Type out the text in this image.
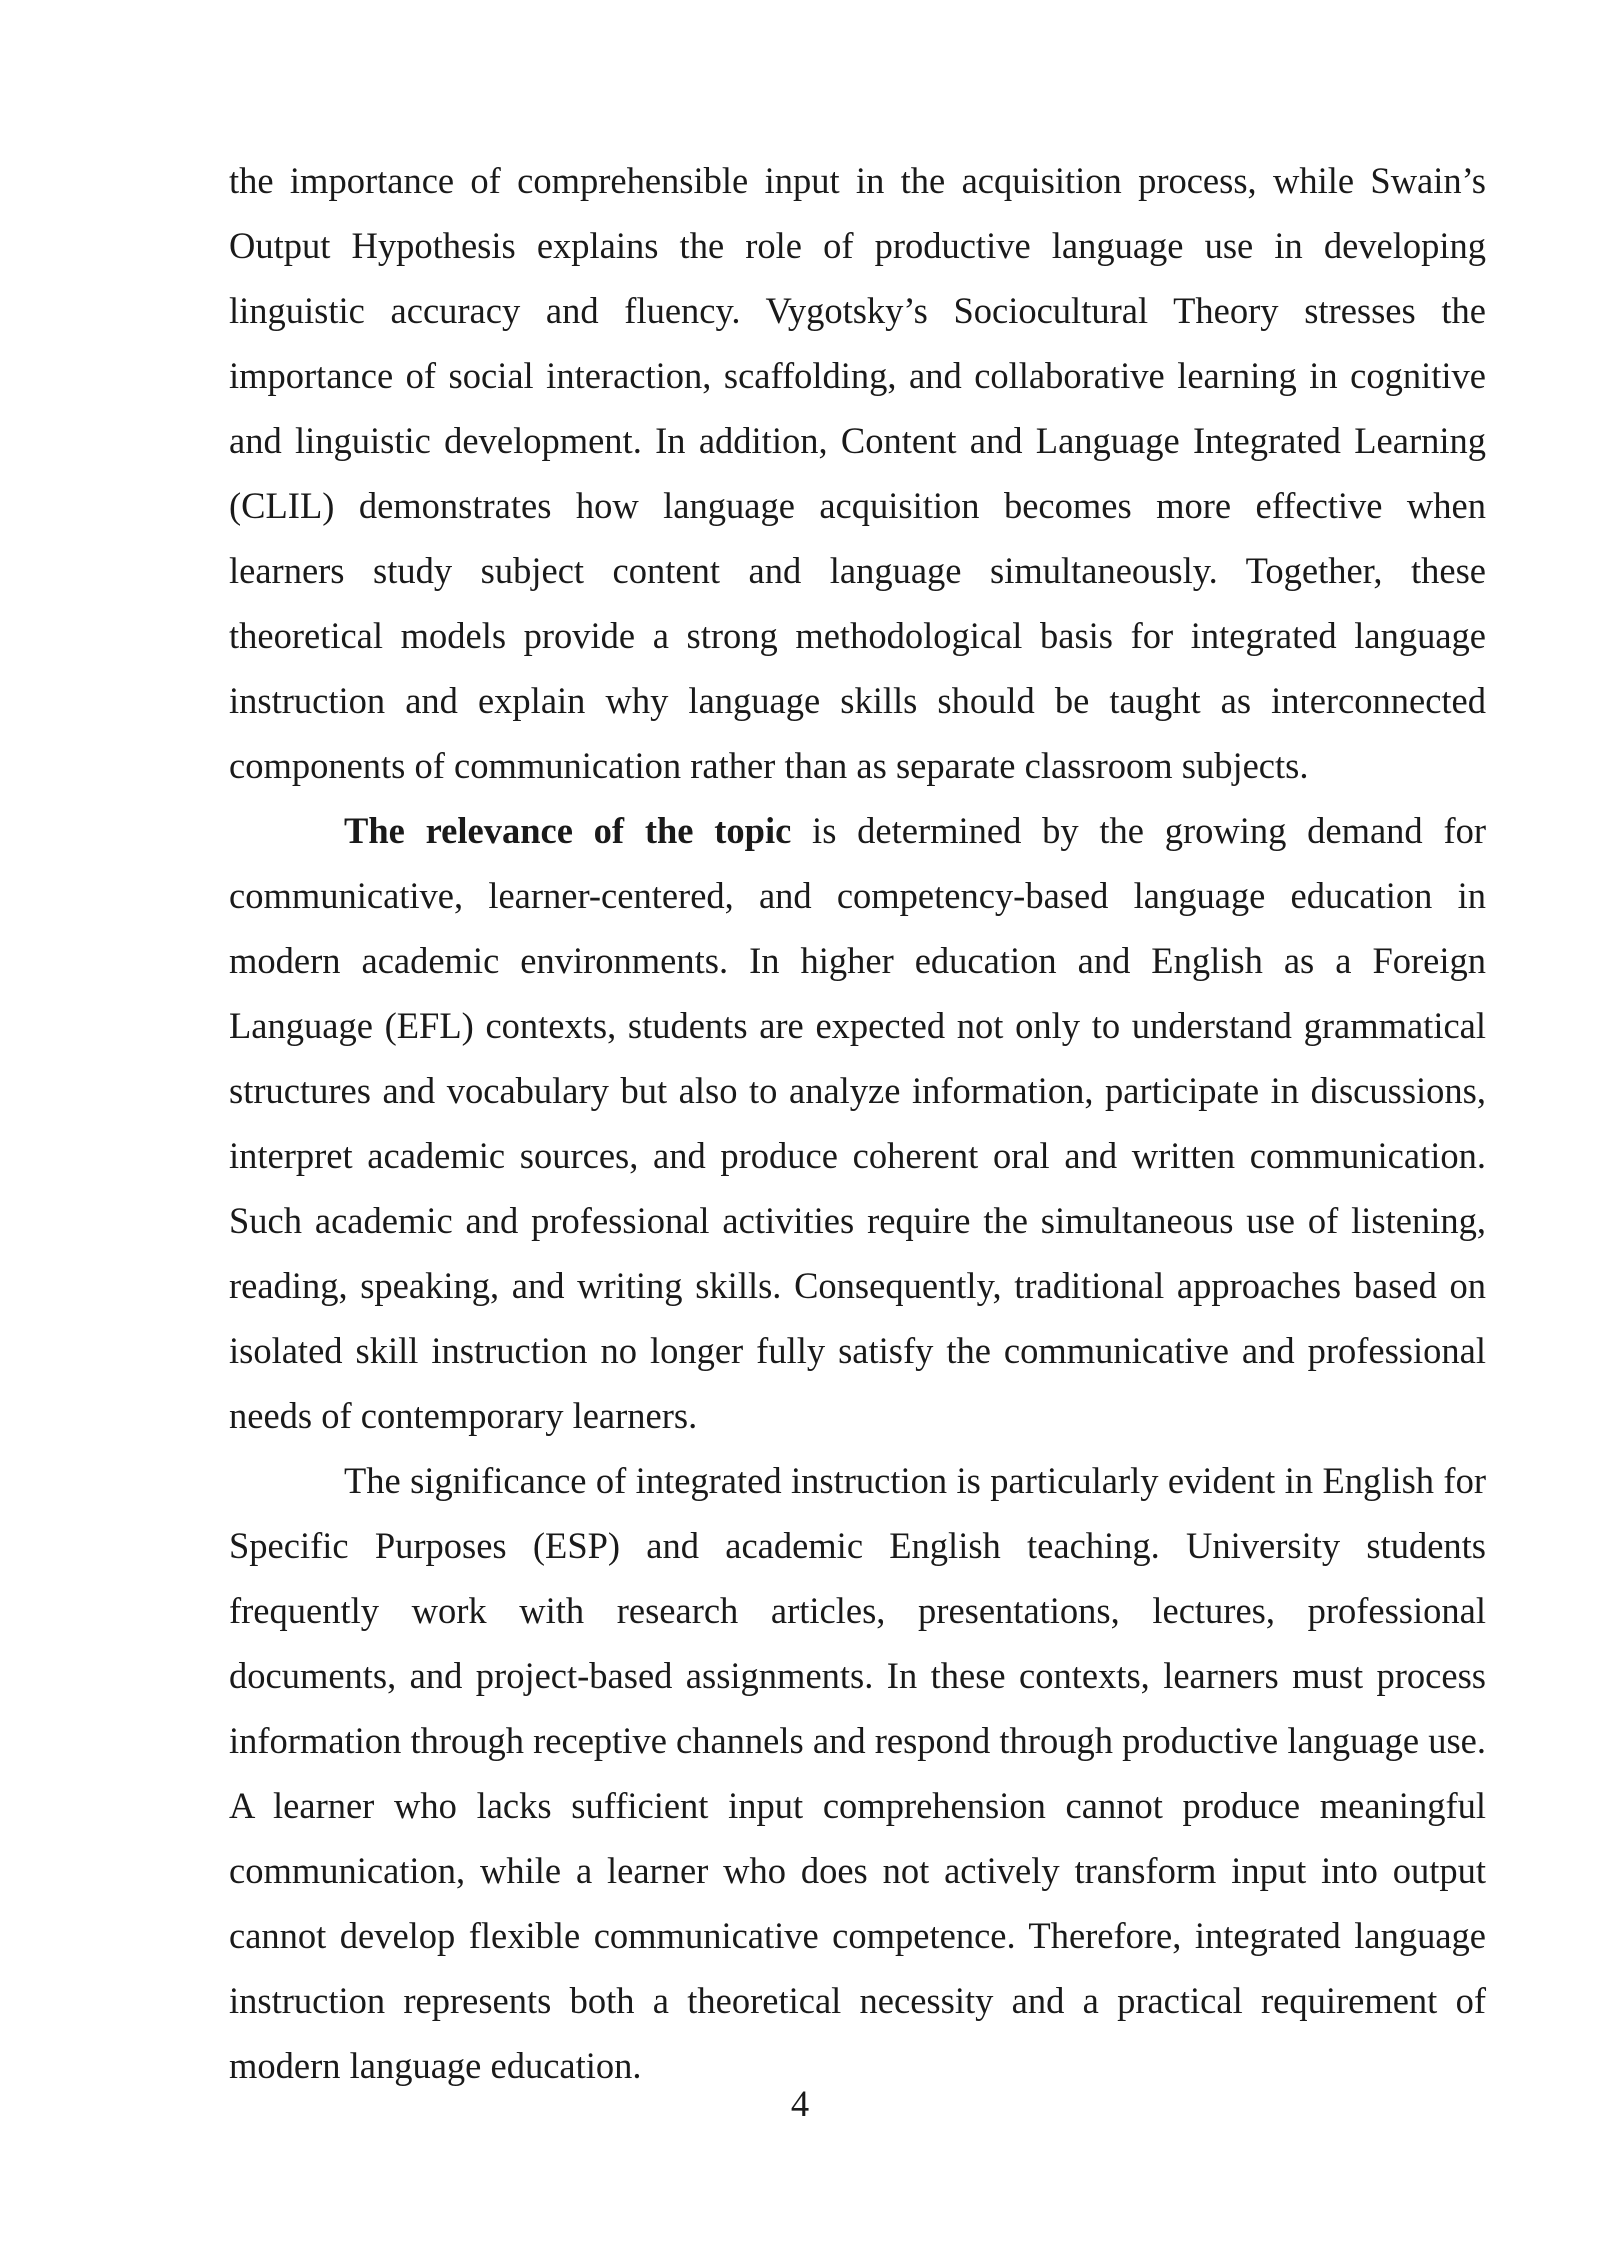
the importance of comprehensible input in the acquisition process, while Swain’s Output Hypothesis explains the role of productive language use in developing linguistic accuracy and fluency. Vygotsky’s Sociocultural Theory stresses the importance of social interaction, scaffolding, and collaborative learning in cognitive and linguistic development. In addition, Content and Language Integrated Learning (CLIL) demonstrates how language acquisition becomes more effective when learners study subject content and language simultaneously. Together, these theoretical models provide a strong methodological basis for integrated language instruction and explain why language skills should be taught as interconnected components of communication rather than as separate classroom subjects.

The relevance of the topic is determined by the growing demand for communicative, learner-centered, and competency-based language education in modern academic environments. In higher education and English as a Foreign Language (EFL) contexts, students are expected not only to understand grammatical structures and vocabulary but also to analyze information, participate in discussions, interpret academic sources, and produce coherent oral and written communication. Such academic and professional activities require the simultaneous use of listening, reading, speaking, and writing skills. Consequently, traditional approaches based on isolated skill instruction no longer fully satisfy the communicative and professional needs of contemporary learners.

The significance of integrated instruction is particularly evident in English for Specific Purposes (ESP) and academic English teaching. University students frequently work with research articles, presentations, lectures, professional documents, and project-based assignments. In these contexts, learners must process information through receptive channels and respond through productive language use. A learner who lacks sufficient input comprehension cannot produce meaningful communication, while a learner who does not actively transform input into output cannot develop flexible communicative competence. Therefore, integrated language instruction represents both a theoretical necessity and a practical requirement of modern language education.

4
